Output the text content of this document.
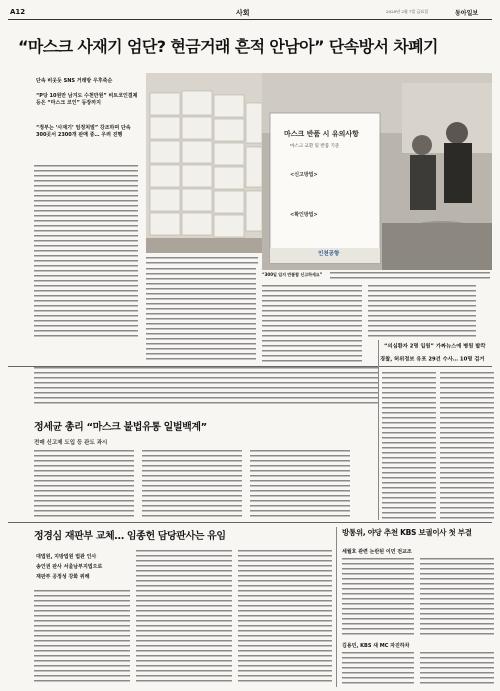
A12	사회	2020년 2월 7일 금요일	동아일보
“마스크 사재기 엄단? 현금거래 흔적 안남아” 단속방서 차폐기
단속 비웃듯 SNS 거래방 우후죽순
“P당 10원만 남겨도 수천만원” 비트코인결제 등은 “마스크 코인” 등장까지
“정부는 ‘사재기’ 엄정처벌” 강조하며 단속 300곳서 2300개 판매 중… 우려 진행	마스크 반품 시 유의사항
마스크 교환 및 반품 기준
<신고방법>
<확인방법>
인천공항
“300일 입지 반품할 신고하세요”
정세균 총리 “마스크 불법유통 일벌백계”
전매 신고제 도입 등 관도 과시
“의심환자 2명 입원” 가짜뉴스에 병원 발칵
경찰, 허위정보 유포 29건 수사… 10명 검거
정경심 재판부 교체… 임종헌 담당판사는 유임
대법원, 지방법원 법관 인사
송인권 판사 서울남부지법으로
재판부 공정성 강화 위해
방통위, 야당 추천 KBS 보궐이사 첫 부결
세월호 관련 논란된 이민 전교조
김용민, KBS 새 MC 자진하차
